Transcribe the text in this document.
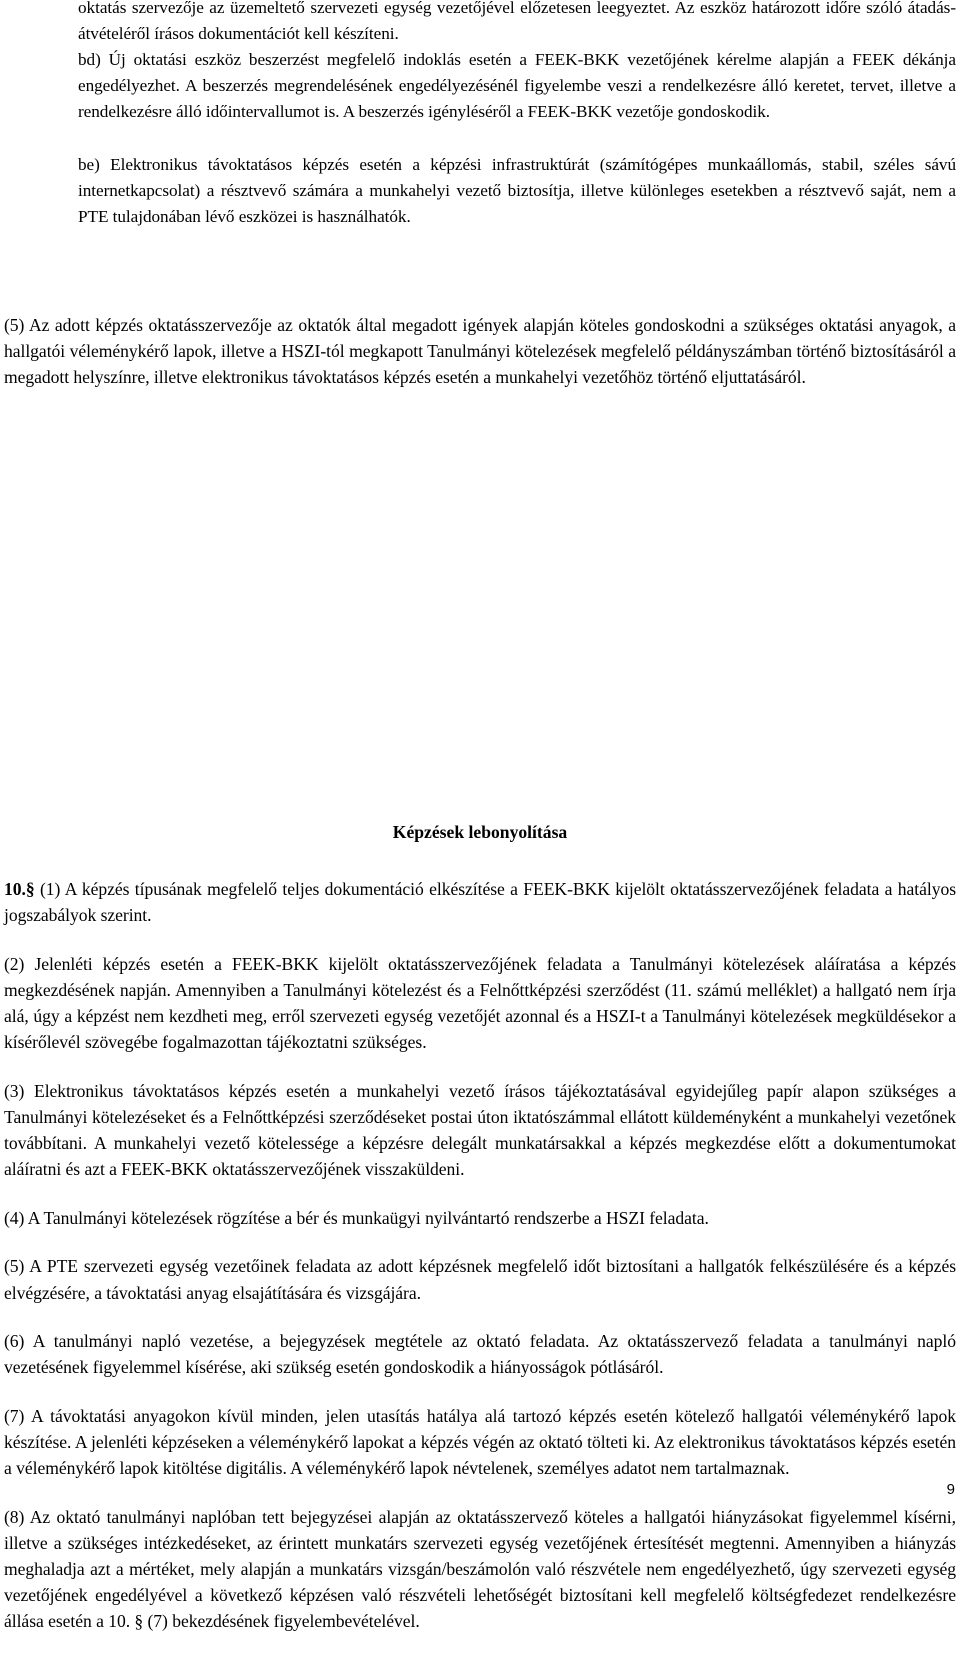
oktatás szervezője az üzemeltető szervezeti egység vezetőjével előzetesen leegyeztet. Az eszköz határozott időre szóló átadás-átvételéről írásos dokumentációt kell készíteni.

bd) Új oktatási eszköz beszerzést megfelelő indoklás esetén a FEEK-BKK vezetőjének kérelme alapján a FEEK dékánja engedélyezhet. A beszerzés megrendelésének engedélyezésénél figyelembe veszi a rendelkezésre álló keretet, tervet, illetve a rendelkezésre álló időintervallumot is. A beszerzés igényléséről a FEEK-BKK vezetője gondoskodik.

be) Elektronikus távoktatásos képzés esetén a képzési infrastruktúrát (számítógépes munkaállomás, stabil, széles sávú internetkapcsolat) a résztvevő számára a munkahelyi vezető biztosítja, illetve különleges esetekben a résztvevő saját, nem a PTE tulajdonában lévő eszközei is használhatók.

(5) Az adott képzés oktatásszervezője az oktatók által megadott igények alapján köteles gondoskodni a szükséges oktatási anyagok, a hallgatói véleménykérő lapok, illetve a HSZI-tól megkapott Tanulmányi kötelezések megfelelő példányszámban történő biztosításáról a megadott helyszínre, illetve elektronikus távoktatásos képzés esetén a munkahelyi vezetőhöz történő eljuttatásáról.

Képzések lebonyolítása

10.§ (1) A képzés típusának megfelelő teljes dokumentáció elkészítése a FEEK-BKK kijelölt oktatásszervezőjének feladata a hatályos jogszabályok szerint.

(2) Jelenléti képzés esetén a FEEK-BKK kijelölt oktatásszervezőjének feladata a Tanulmányi kötelezések aláíratása a képzés megkezdésének napján. Amennyiben a Tanulmányi kötelezést és a Felnőttképzési szerződést (11. számú melléklet) a hallgató nem írja alá, úgy a képzést nem kezdheti meg, erről szervezeti egység vezetőjét azonnal és a HSZI-t a Tanulmányi kötelezések megküldésekor a kísérőlevél szövegébe fogalmazottan tájékoztatni szükséges.

(3) Elektronikus távoktatásos képzés esetén a munkahelyi vezető írásos tájékoztatásával egyidejűleg papír alapon szükséges a Tanulmányi kötelezéseket és a Felnőttképzési szerződéseket postai úton iktatószámmal ellátott küldeményként a munkahelyi vezetőnek továbbítani. A munkahelyi vezető kötelessége a képzésre delegált munkatársakkal a képzés megkezdése előtt a dokumentumokat aláíratni és azt a FEEK-BKK oktatásszervezőjének visszaküldeni.

(4) A Tanulmányi kötelezések rögzítése a bér és munkaügyi nyilvántartó rendszerbe a HSZI feladata.

(5) A PTE szervezeti egység vezetőinek feladata az adott képzésnek megfelelő időt biztosítani a hallgatók felkészülésére és a képzés elvégzésére, a távoktatási anyag elsajátítására és vizsgájára.

(6) A tanulmányi napló vezetése, a bejegyzések megtétele az oktató feladata. Az oktatásszervező feladata a tanulmányi napló vezetésének figyelemmel kísérése, aki szükség esetén gondoskodik a hiányosságok pótlásáról.

(7) A távoktatási anyagokon kívül minden, jelen utasítás hatálya alá tartozó képzés esetén kötelező hallgatói véleménykérő lapok készítése. A jelenléti képzéseken a véleménykérő lapokat a képzés végén az oktató tölteti ki. Az elektronikus távoktatásos képzés esetén a véleménykérő lapok kitöltése digitális. A véleménykérő lapok névtelenek, személyes adatot nem tartalmaznak.

(8) Az oktató tanulmányi naplóban tett bejegyzései alapján az oktatásszervező köteles a hallgatói hiányzásokat figyelemmel kísérni, illetve a szükséges intézkedéseket, az érintett munkatárs szervezeti egység vezetőjének értesítését megtenni. Amennyiben a hiányzás meghaladja azt a mértéket, mely alapján a munkatárs vizsgán/beszámolón való részvétele nem engedélyezhető, úgy szervezeti egység vezetőjének engedélyével a következő képzésen való részvételi lehetőségét biztosítani kell megfelelő költségfedezet rendelkezésre állása esetén a 10. § (7) bekezdésének figyelembevételével.

9
